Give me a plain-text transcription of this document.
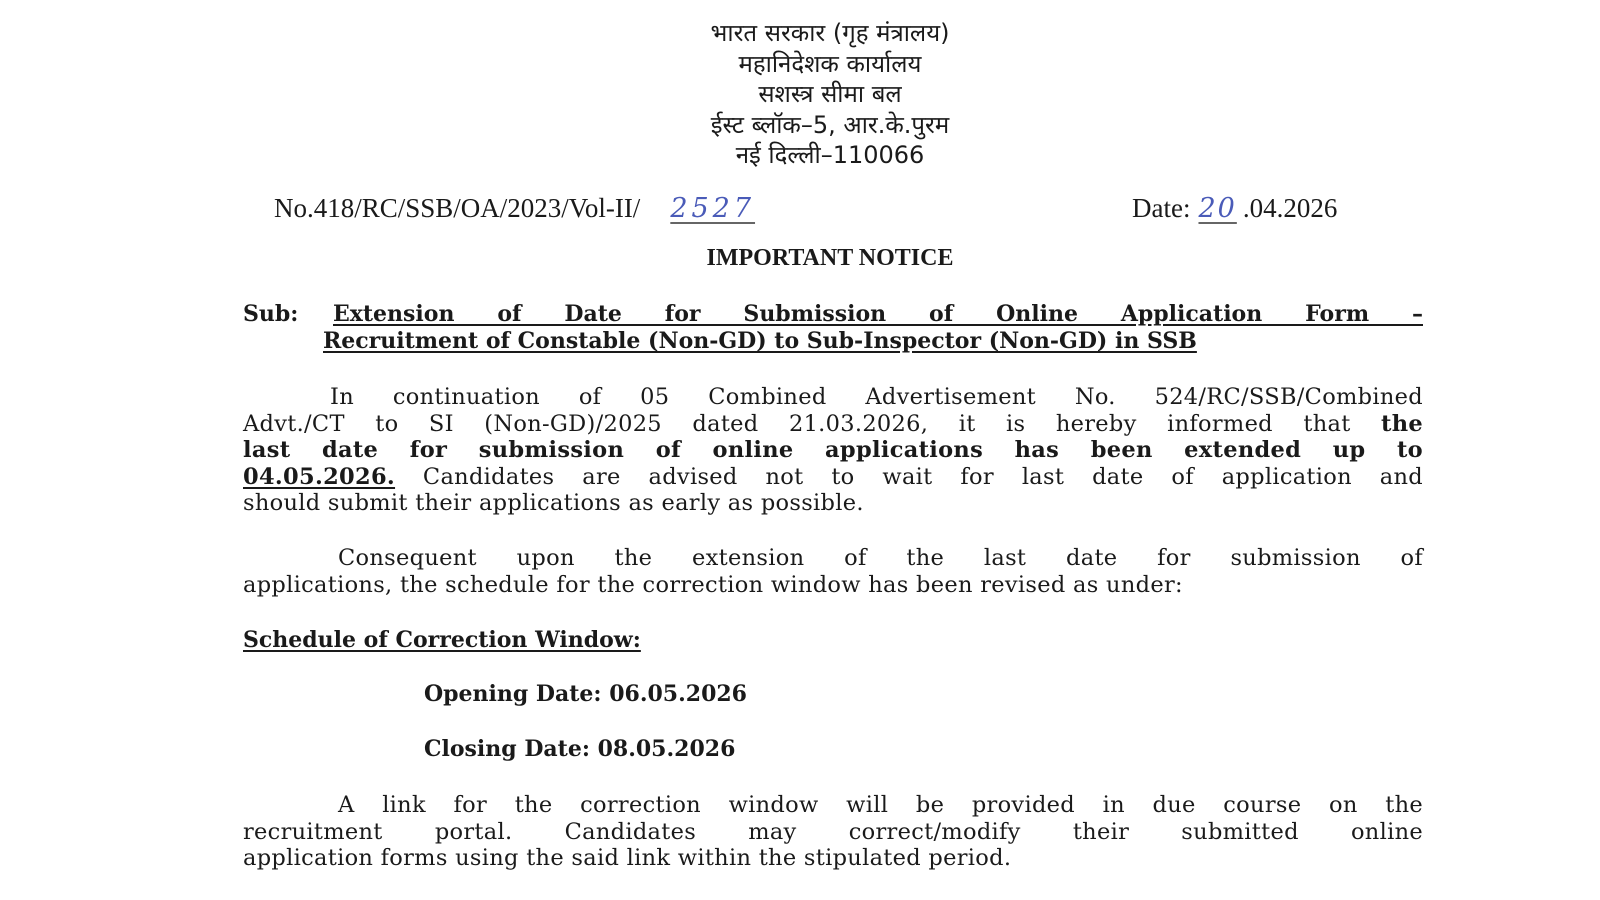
भारत सरकार (गृह मंत्रालय)
महानिदेशक कार्यालय
सशस्त्र सीमा बल
ईस्ट ब्लॉक–5, आर.के.पुरम
नई दिल्ली–110066
No.418/RC/SSB/OA/2023/Vol-II/ 2527	Date: 20 .04.2026
IMPORTANT NOTICE
Sub: Extension of Date for Submission of Online Application Form –
Recruitment of Constable (Non-GD) to Sub-Inspector (Non-GD) in SSB
In continuation of 05 Combined Advertisement No. 524/RC/SSB/Combined
Advt./CT to SI (Non-GD)/2025 dated 21.03.2026, it is hereby informed that the
last date for submission of online applications has been extended up to
04.05.2026. Candidates are advised not to wait for last date of application and
should submit their applications as early as possible.
Consequent upon the extension of the last date for submission of
applications, the schedule for the correction window has been revised as under:
Schedule of Correction Window:
Opening Date: 06.05.2026
Closing Date: 08.05.2026
A link for the correction window will be provided in due course on the
recruitment portal. Candidates may correct/modify their submitted online
application forms using the said link within the stipulated period.
